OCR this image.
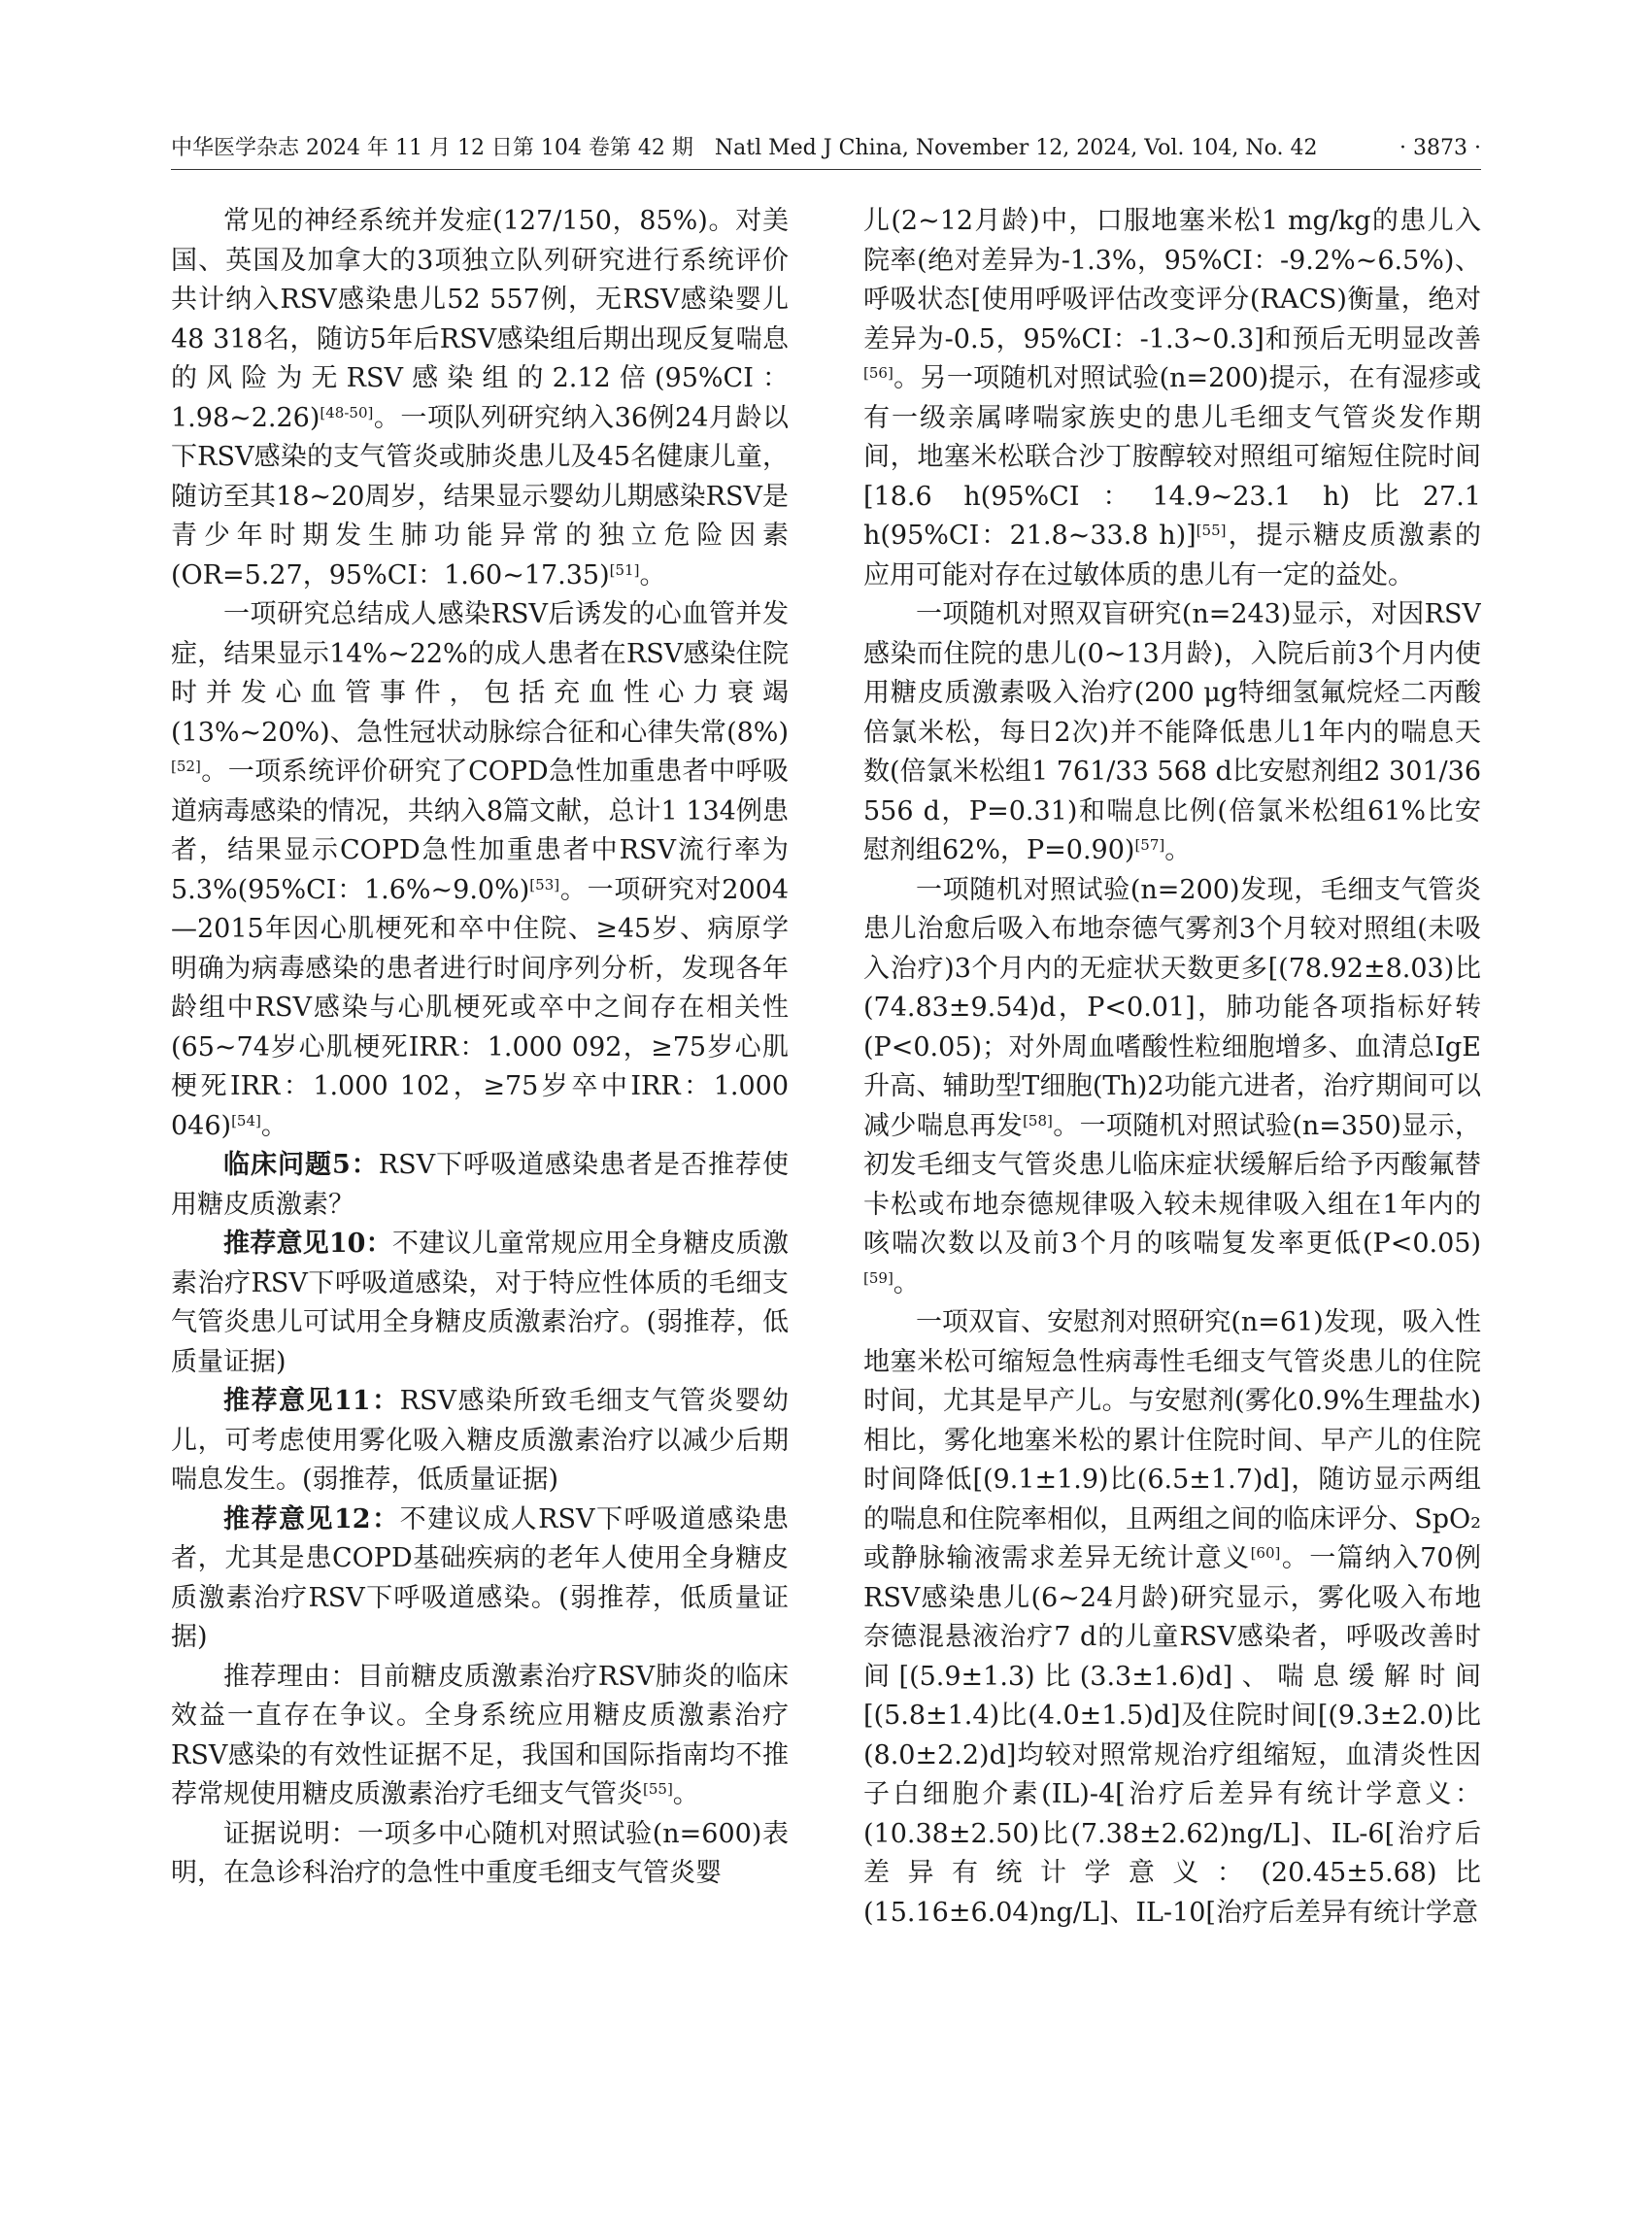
中华医学杂志 2024 年 11 月 12 日第 104 卷第 42 期　Natl Med J China, November 12, 2024, Vol. 104, No. 42	· 3873 ·

常见的神经系统并发症(127/150，85%)。对美国、英国及加拿大的3项独立队列研究进行系统评价共计纳入RSV感染患儿52 557例，无RSV感染婴儿48 318名，随访5年后RSV感染组后期出现反复喘息的风险为无RSV感染组的2.12倍(95%CI：1.98~2.26)[48-50]。一项队列研究纳入36例24月龄以下RSV感染的支气管炎或肺炎患儿及45名健康儿童，随访至其18~20周岁，结果显示婴幼儿期感染RSV是青少年时期发生肺功能异常的独立危险因素(OR=5.27，95%CI：1.60~17.35)[51]。

一项研究总结成人感染RSV后诱发的心血管并发症，结果显示14%~22%的成人患者在RSV感染住院时并发心血管事件，包括充血性心力衰竭(13%~20%)、急性冠状动脉综合征和心律失常(8%)[52]。一项系统评价研究了COPD急性加重患者中呼吸道病毒感染的情况，共纳入8篇文献，总计1 134例患者，结果显示COPD急性加重患者中RSV流行率为5.3%(95%CI：1.6%~9.0%)[53]。一项研究对2004—2015年因心肌梗死和卒中住院、≥45岁、病原学明确为病毒感染的患者进行时间序列分析，发现各年龄组中RSV感染与心肌梗死或卒中之间存在相关性(65~74岁心肌梗死IRR：1.000 092，≥75岁心肌梗死IRR：1.000 102，≥75岁卒中IRR：1.000 046)[54]。

临床问题5：RSV下呼吸道感染患者是否推荐使用糖皮质激素？

推荐意见10：不建议儿童常规应用全身糖皮质激素治疗RSV下呼吸道感染，对于特应性体质的毛细支气管炎患儿可试用全身糖皮质激素治疗。(弱推荐，低质量证据)

推荐意见11：RSV感染所致毛细支气管炎婴幼儿，可考虑使用雾化吸入糖皮质激素治疗以减少后期喘息发生。(弱推荐，低质量证据)

推荐意见12：不建议成人RSV下呼吸道感染患者，尤其是患COPD基础疾病的老年人使用全身糖皮质激素治疗RSV下呼吸道感染。(弱推荐，低质量证据)

推荐理由：目前糖皮质激素治疗RSV肺炎的临床效益一直存在争议。全身系统应用糖皮质激素治疗RSV感染的有效性证据不足，我国和国际指南均不推荐常规使用糖皮质激素治疗毛细支气管炎[55]。

证据说明：一项多中心随机对照试验(n=600)表明，在急诊科治疗的急性中重度毛细支气管炎婴

儿(2~12月龄)中，口服地塞米松1 mg/kg的患儿入院率(绝对差异为-1.3%，95%CI：-9.2%~6.5%)、呼吸状态[使用呼吸评估改变评分(RACS)衡量，绝对差异为-0.5，95%CI：-1.3~0.3]和预后无明显改善[56]。另一项随机对照试验(n=200)提示，在有湿疹或有一级亲属哮喘家族史的患儿毛细支气管炎发作期间，地塞米松联合沙丁胺醇较对照组可缩短住院时间[18.6 h(95%CI：14.9~23.1 h)比27.1 h(95%CI：21.8~33.8 h)][55]，提示糖皮质激素的应用可能对存在过敏体质的患儿有一定的益处。

一项随机对照双盲研究(n=243)显示，对因RSV感染而住院的患儿(0~13月龄)，入院后前3个月内使用糖皮质激素吸入治疗(200 μg特细氢氟烷烃二丙酸倍氯米松，每日2次)并不能降低患儿1年内的喘息天数(倍氯米松组1 761/33 568 d比安慰剂组2 301/36 556 d，P=0.31)和喘息比例(倍氯米松组61%比安慰剂组62%，P=0.90)[57]。

一项随机对照试验(n=200)发现，毛细支气管炎患儿治愈后吸入布地奈德气雾剂3个月较对照组(未吸入治疗)3个月内的无症状天数更多[(78.92±8.03)比(74.83±9.54)d，P<0.01]，肺功能各项指标好转(P<0.05)；对外周血嗜酸性粒细胞增多、血清总IgE升高、辅助型T细胞(Th)2功能亢进者，治疗期间可以减少喘息再发[58]。一项随机对照试验(n=350)显示，初发毛细支气管炎患儿临床症状缓解后给予丙酸氟替卡松或布地奈德规律吸入较未规律吸入组在1年内的咳喘次数以及前3个月的咳喘复发率更低(P<0.05)[59]。

一项双盲、安慰剂对照研究(n=61)发现，吸入性地塞米松可缩短急性病毒性毛细支气管炎患儿的住院时间，尤其是早产儿。与安慰剂(雾化0.9%生理盐水)相比，雾化地塞米松的累计住院时间、早产儿的住院时间降低[(9.1±1.9)比(6.5±1.7)d]，随访显示两组的喘息和住院率相似，且两组之间的临床评分、SpO₂或静脉输液需求差异无统计意义[60]。一篇纳入70例RSV感染患儿(6~24月龄)研究显示，雾化吸入布地奈德混悬液治疗7 d的儿童RSV感染者，呼吸改善时间[(5.9±1.3)比(3.3±1.6)d]、喘息缓解时间[(5.8±1.4)比(4.0±1.5)d]及住院时间[(9.3±2.0)比(8.0±2.2)d]均较对照常规治疗组缩短，血清炎性因子白细胞介素(IL)-4[治疗后差异有统计学意义：(10.38±2.50)比(7.38±2.62)ng/L]、IL-6[治疗后差异有统计学意义：(20.45±5.68)比(15.16±6.04)ng/L]、IL-10[治疗后差异有统计学意
